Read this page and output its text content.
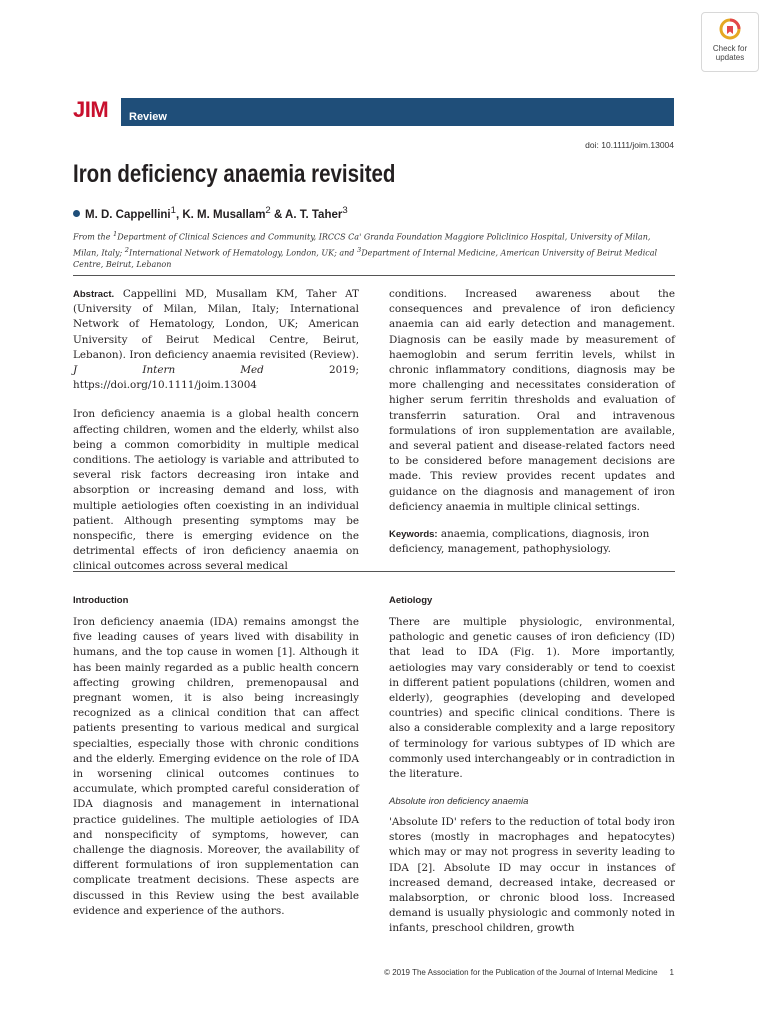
Check for
updates
JIM Review
doi: 10.1111/joim.13004
Iron deficiency anaemia revisited
M. D. Cappellini$^1$, K. M. Musallam$^2$ & A. T. Taher$^3$
From the $^1$Department of Clinical Sciences and Community, IRCCS Ca' Granda Foundation Maggiore Policlinico Hospital, University of Milan, Milan, Italy; $^2$International Network of Hematology, London, UK; and $^3$Department of Internal Medicine, American University of Beirut Medical Centre, Beirut, Lebanon

Abstract. Cappellini MD, Musallam KM, Taher AT (University of Milan, Milan, Italy; International Network of Hematology, London, UK; American University of Beirut Medical Centre, Beirut, Lebanon). Iron deficiency anaemia revisited (Review). J Intern Med 2019; https://doi.org/10.1111/joim.13004

Iron deficiency anaemia is a global health concern affecting children, women and the elderly, whilst also being a common comorbidity in multiple medical conditions. The aetiology is variable and attributed to several risk factors decreasing iron intake and absorption or increasing demand and loss, with multiple aetiologies often coexisting in an individual patient. Although presenting symptoms may be nonspecific, there is emerging evidence on the detrimental effects of iron deficiency anaemia on clinical outcomes across several medical

conditions. Increased awareness about the consequences and prevalence of iron deficiency anaemia can aid early detection and management. Diagnosis can be easily made by measurement of haemoglobin and serum ferritin levels, whilst in chronic inflammatory conditions, diagnosis may be more challenging and necessitates consideration of higher serum ferritin thresholds and evaluation of transferrin saturation. Oral and intravenous formulations of iron supplementation are available, and several patient and disease-related factors need to be considered before management decisions are made. This review provides recent updates and guidance on the diagnosis and management of iron deficiency anaemia in multiple clinical settings.

Keywords: anaemia, complications, diagnosis, iron deficiency, management, pathophysiology.

Introduction
Iron deficiency anaemia (IDA) remains amongst the five leading causes of years lived with disability in humans, and the top cause in women [1]. Although it has been mainly regarded as a public health concern affecting growing children, premenopausal and pregnant women, it is also being increasingly recognized as a clinical condition that can affect patients presenting to various medical and surgical specialties, especially those with chronic conditions and the elderly. Emerging evidence on the role of IDA in worsening clinical outcomes continues to accumulate, which prompted careful consideration of IDA diagnosis and management in international practice guidelines. The multiple aetiologies of IDA and nonspecificity of symptoms, however, can challenge the diagnosis. Moreover, the availability of different formulations of iron supplementation can complicate treatment decisions. These aspects are discussed in this Review using the best available evidence and experience of the authors.
Aetiology
There are multiple physiologic, environmental, pathologic and genetic causes of iron deficiency (ID) that lead to IDA (Fig. 1). More importantly, aetiologies may vary considerably or tend to coexist in different patient populations (children, women and elderly), geographies (developing and developed countries) and specific clinical conditions. There is also a considerable complexity and a large repository of terminology for various subtypes of ID which are commonly used interchangeably or in contradiction in the literature.
Absolute iron deficiency anaemia
'Absolute ID' refers to the reduction of total body iron stores (mostly in macrophages and hepatocytes) which may or may not progress in severity leading to IDA [2]. Absolute ID may occur in instances of increased demand, decreased intake, decreased or malabsorption, or chronic blood loss. Increased demand is usually physiologic and commonly noted in infants, preschool children, growth
© 2019 The Association for the Publication of the Journal of Internal Medicine 1
